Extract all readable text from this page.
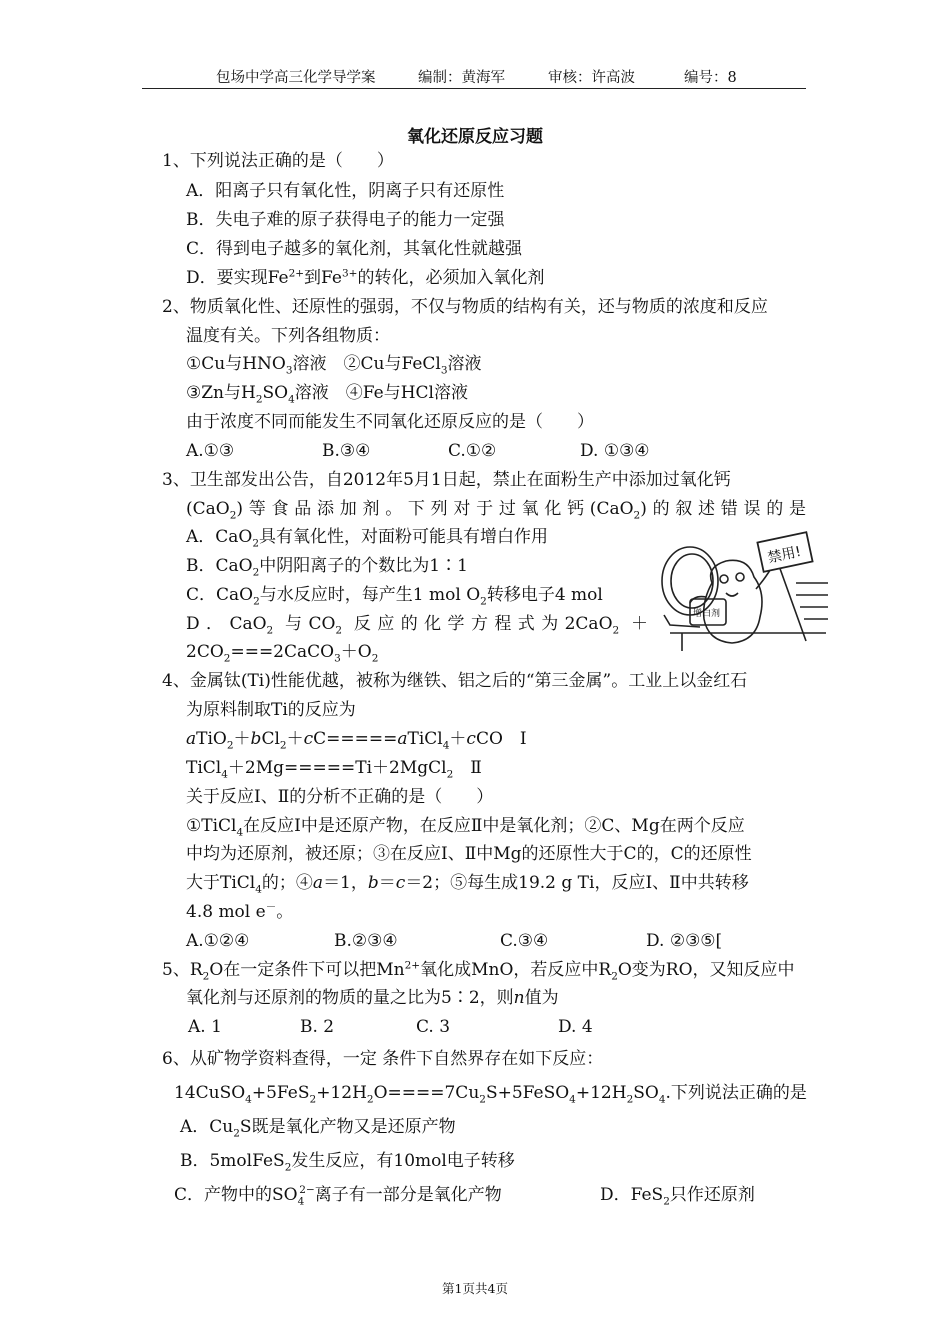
包场中学高三化学导学案	编制：黄海军	审核：许高波	编号：8
氧化还原反应习题
1、下列说法正确的是（　　）
A．阳离子只有氧化性，阴离子只有还原性
B．失电子难的原子获得电子的能力一定强
C．得到电子越多的氧化剂，其氧化性就越强
D．要实现$Fe^{2+}$到$Fe^{3+}$的转化，必须加入氧化剂
2、物质氧化性、还原性的强弱，不仅与物质的结构有关，还与物质的浓度和反应
温度有关。下列各组物质：
①Cu与$HNO_3$溶液　②Cu与FeCl$_3$溶液
③Zn与$H_2SO_4$溶液　④Fe与HCl溶液
由于浓度不同而能发生不同氧化还原反应的是（　　）
A.①③	B.③④	C.①②	D. ①③④
3、卫生部发出公告，自2012年5月1日起，禁止在面粉生产中添加过氧化钙
(CaO$_2$)等食品添加剂。下列对于过氧化钙(CaO$_2$)的叙述错误的是
A．CaO$_2$具有氧化性，对面粉可能具有增白作用
B．CaO$_2$中阴阳离子的个数比为1∶1
C．CaO$_2$与水反应时，每产生1 mol $O_2$转移电子4 mol
D．CaO$_2$ 与$CO_2$ 反应的化学方程式为2CaO$_2$ ＋
$2CO_2===2CaCO_3+O_2$
禁用!
增白剂
4、金属钛(Ti)性能优越，被称为继铁、铝之后的“第三金属”。工业上以金红石
为原料制取Ti的反应为
aTiO$_2$＋bCl$_2$＋cC=====aTiCl$_4$＋cCO　Ⅰ
TiCl$_4$＋2Mg=====Ti＋2MgCl$_2$　Ⅱ
关于反应Ⅰ、Ⅱ的分析不正确的是（　　）
①TiCl$_4$在反应Ⅰ中是还原产物，在反应Ⅱ中是氧化剂；②C、Mg在两个反应
中均为还原剂，被还原；③在反应Ⅰ、Ⅱ中Mg的还原性大于C的，C的还原性
大于TiCl$_4$的；④a＝1，b＝c＝2；⑤每生成19.2 g Ti，反应Ⅰ、Ⅱ中共转移
4.8 mol e－。
A.①②④	B.②③④	C.③④	D. ②③⑤[
5、$R_2O$在一定条件下可以把$Mn^{2+}$氧化成MnO，若反应中$R_2O$变为RO，又知反应中
氧化剂与还原剂的物质的量之比为5∶2，则n值为
A. 1	B. 2	C. 3	D. 4
6、从矿物学资料查得，一定 条件下自然界存在如下反应：
$14CuSO_4+5FeS_2+12H_2O====7Cu_2S+5FeSO_4+12H_2SO_4$.下列说法正确的是
A．$Cu_2S$既是氧化产物又是还原产物
B．5molFeS$_2$发生反应，有10mol电子转移
C．产物中的$SO_4^{2-}$离子有一部分是氧化产物	D．FeS$_2$只作还原剂
第1页共4页
